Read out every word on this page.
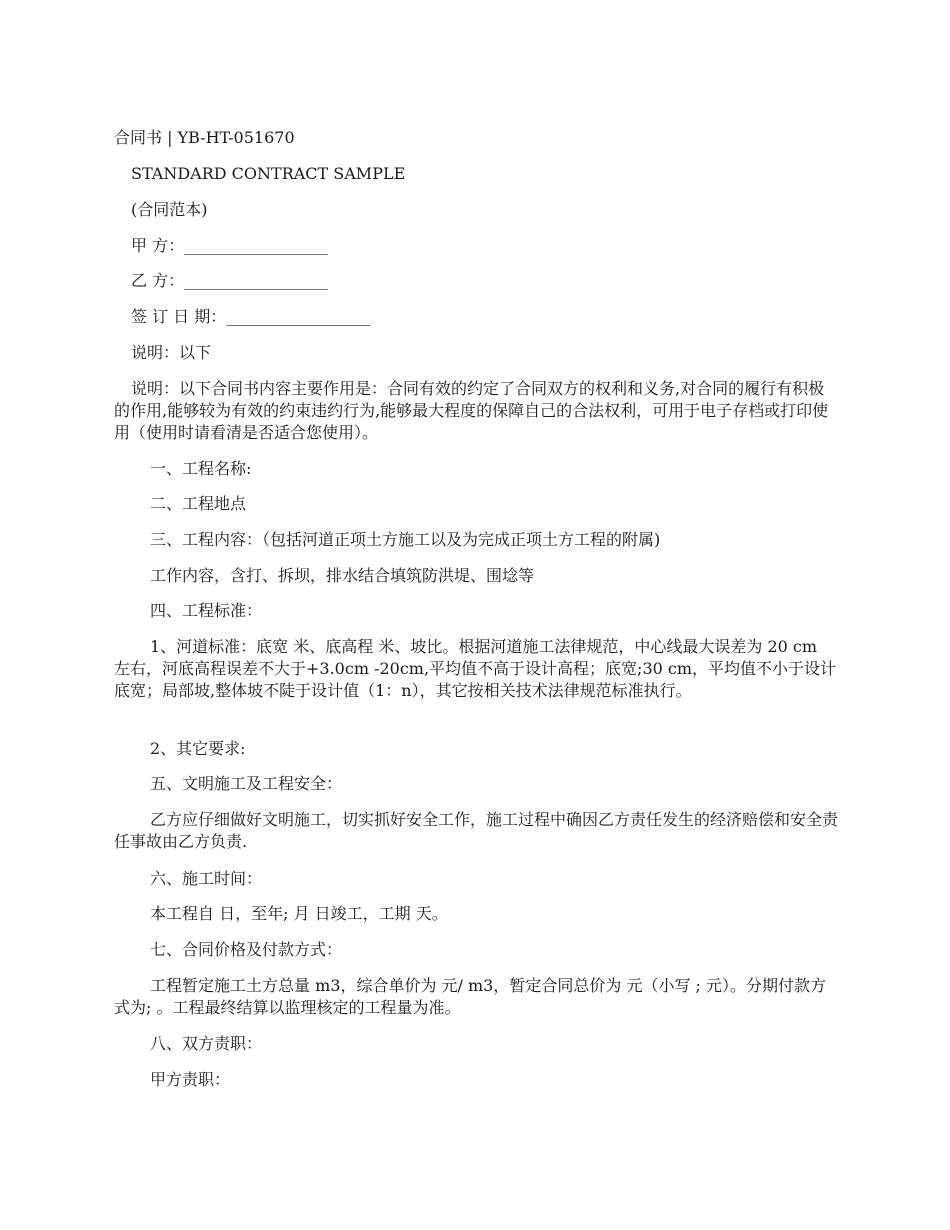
合同书 | YB-HT-051670
STANDARD CONTRACT SAMPLE
(合同范本)
甲 方：__________________
乙 方：__________________
签 订 日 期：__________________
说明：以下
说明：以下合同书内容主要作用是：合同有效的约定了合同双方的权利和义务,对合同的履行有积极的作用,能够较为有效的约束违约行为,能够最大程度的保障自己的合法权利，可用于电子存档或打印使用（使用时请看清是否适合您使用）。
一、工程名称:
二、工程地点
三、工程内容：（包括河道正项土方施工以及为完成正项土方工程的附属)
工作内容，含打、拆坝，排水结合填筑防洪堤、围埝等
四、工程标准：
1、河道标准：底宽 米、底高程 米、坡比。根据河道施工法律规范，中心线最大误差为 20 cm 左右，河底高程误差不大于+3.0cm -20cm,平均值不高于设计高程；底宽;30 cm，平均值不小于设计底宽；局部坡,整体坡不陡于设计值（1：n），其它按相关技术法律规范标准执行。
2、其它要求:
五、文明施工及工程安全：
乙方应仔细做好文明施工，切实抓好安全工作，施工过程中确因乙方责任发生的经济赔偿和安全责任事故由乙方负责.
六、施工时间：
本工程自 日，至年; 月 日竣工，工期 天。
七、合同价格及付款方式：
工程暂定施工土方总量 m3，综合单价为 元/ m3，暂定合同总价为 元（小写 ; 元）。分期付款方式为; 。工程最终结算以监理核定的工程量为准。
八、双方责职：
甲方责职：
